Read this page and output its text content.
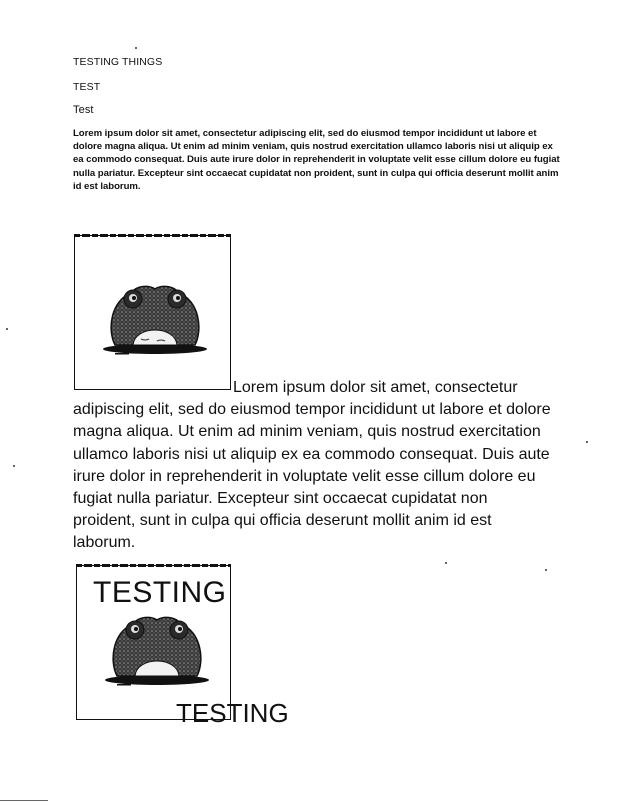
TESTING THINGS
TEST
Test

Lorem ipsum dolor sit amet, consectetur adipiscing elit, sed do eiusmod tempor incididunt ut labore et dolore magna aliqua. Ut enim ad minim veniam, quis nostrud exercitation ullamco laboris nisi ut aliquip ex ea commodo consequat. Duis aute irure dolor in reprehenderit in voluptate velit esse cillum dolore eu fugiat nulla pariatur. Excepteur sint occaecat cupidatat non proident, sunt in culpa qui officia deserunt mollit anim id est laborum.

Lorem ipsum dolor sit amet, consectetur adipiscing elit, sed do eiusmod tempor incididunt ut labore et dolore magna aliqua. Ut enim ad minim veniam, quis nostrud exercitation ullamco laboris nisi ut aliquip ex ea commodo consequat. Duis aute irure dolor in reprehenderit in voluptate velit esse cillum dolore eu fugiat nulla pariatur. Excepteur sint occaecat cupidatat non proident, sunt in culpa qui officia deserunt mollit anim id est laborum.

TESTING
TESTING
